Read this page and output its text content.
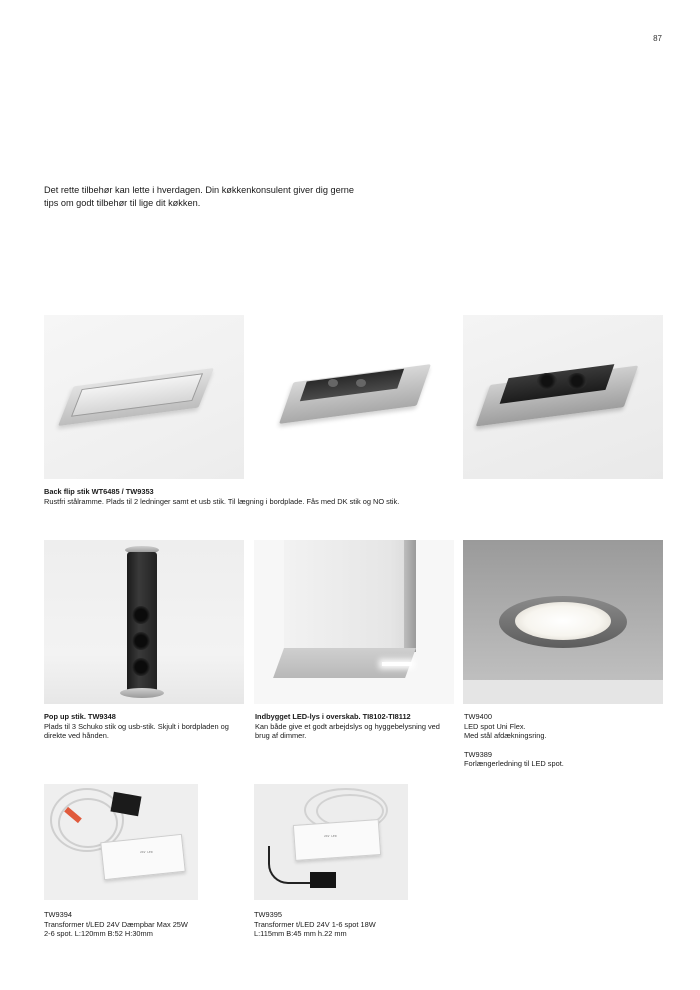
87

Det rette tilbehør kan lette i hverdagen. Din køkkenkonsulent giver dig gerne

tips om godt tilbehør til lige dit køkken.

Back flip stik WT6485 / TW9353
Rustfri stålramme. Plads til 2 ledninger samt et usb stik. Til lægning i bordplade. Fås med DK stik og NO stik.
Pop up stik. TW9348
Plads til 3 Schuko stik og usb-stik. Skjult i bordpladen og
direkte ved hånden.
Indbygget LED-lys i overskab. TI8102-TI8112
Kan både give et godt arbejdslys og hyggebelysning ved
brug af dimmer.
TW9400
LED spot Uni Flex.
Med stål afdækningsring.
TW9389
Forlængerledning til LED spot.
24V LED
24V LED
TW9394
Transformer t/LED 24V Dæmpbar Max 25W
2-6 spot. L:120mm B:52 H:30mm
TW9395
Transformer t/LED 24V 1-6 spot 18W
L:115mm B:45 mm h.22 mm
